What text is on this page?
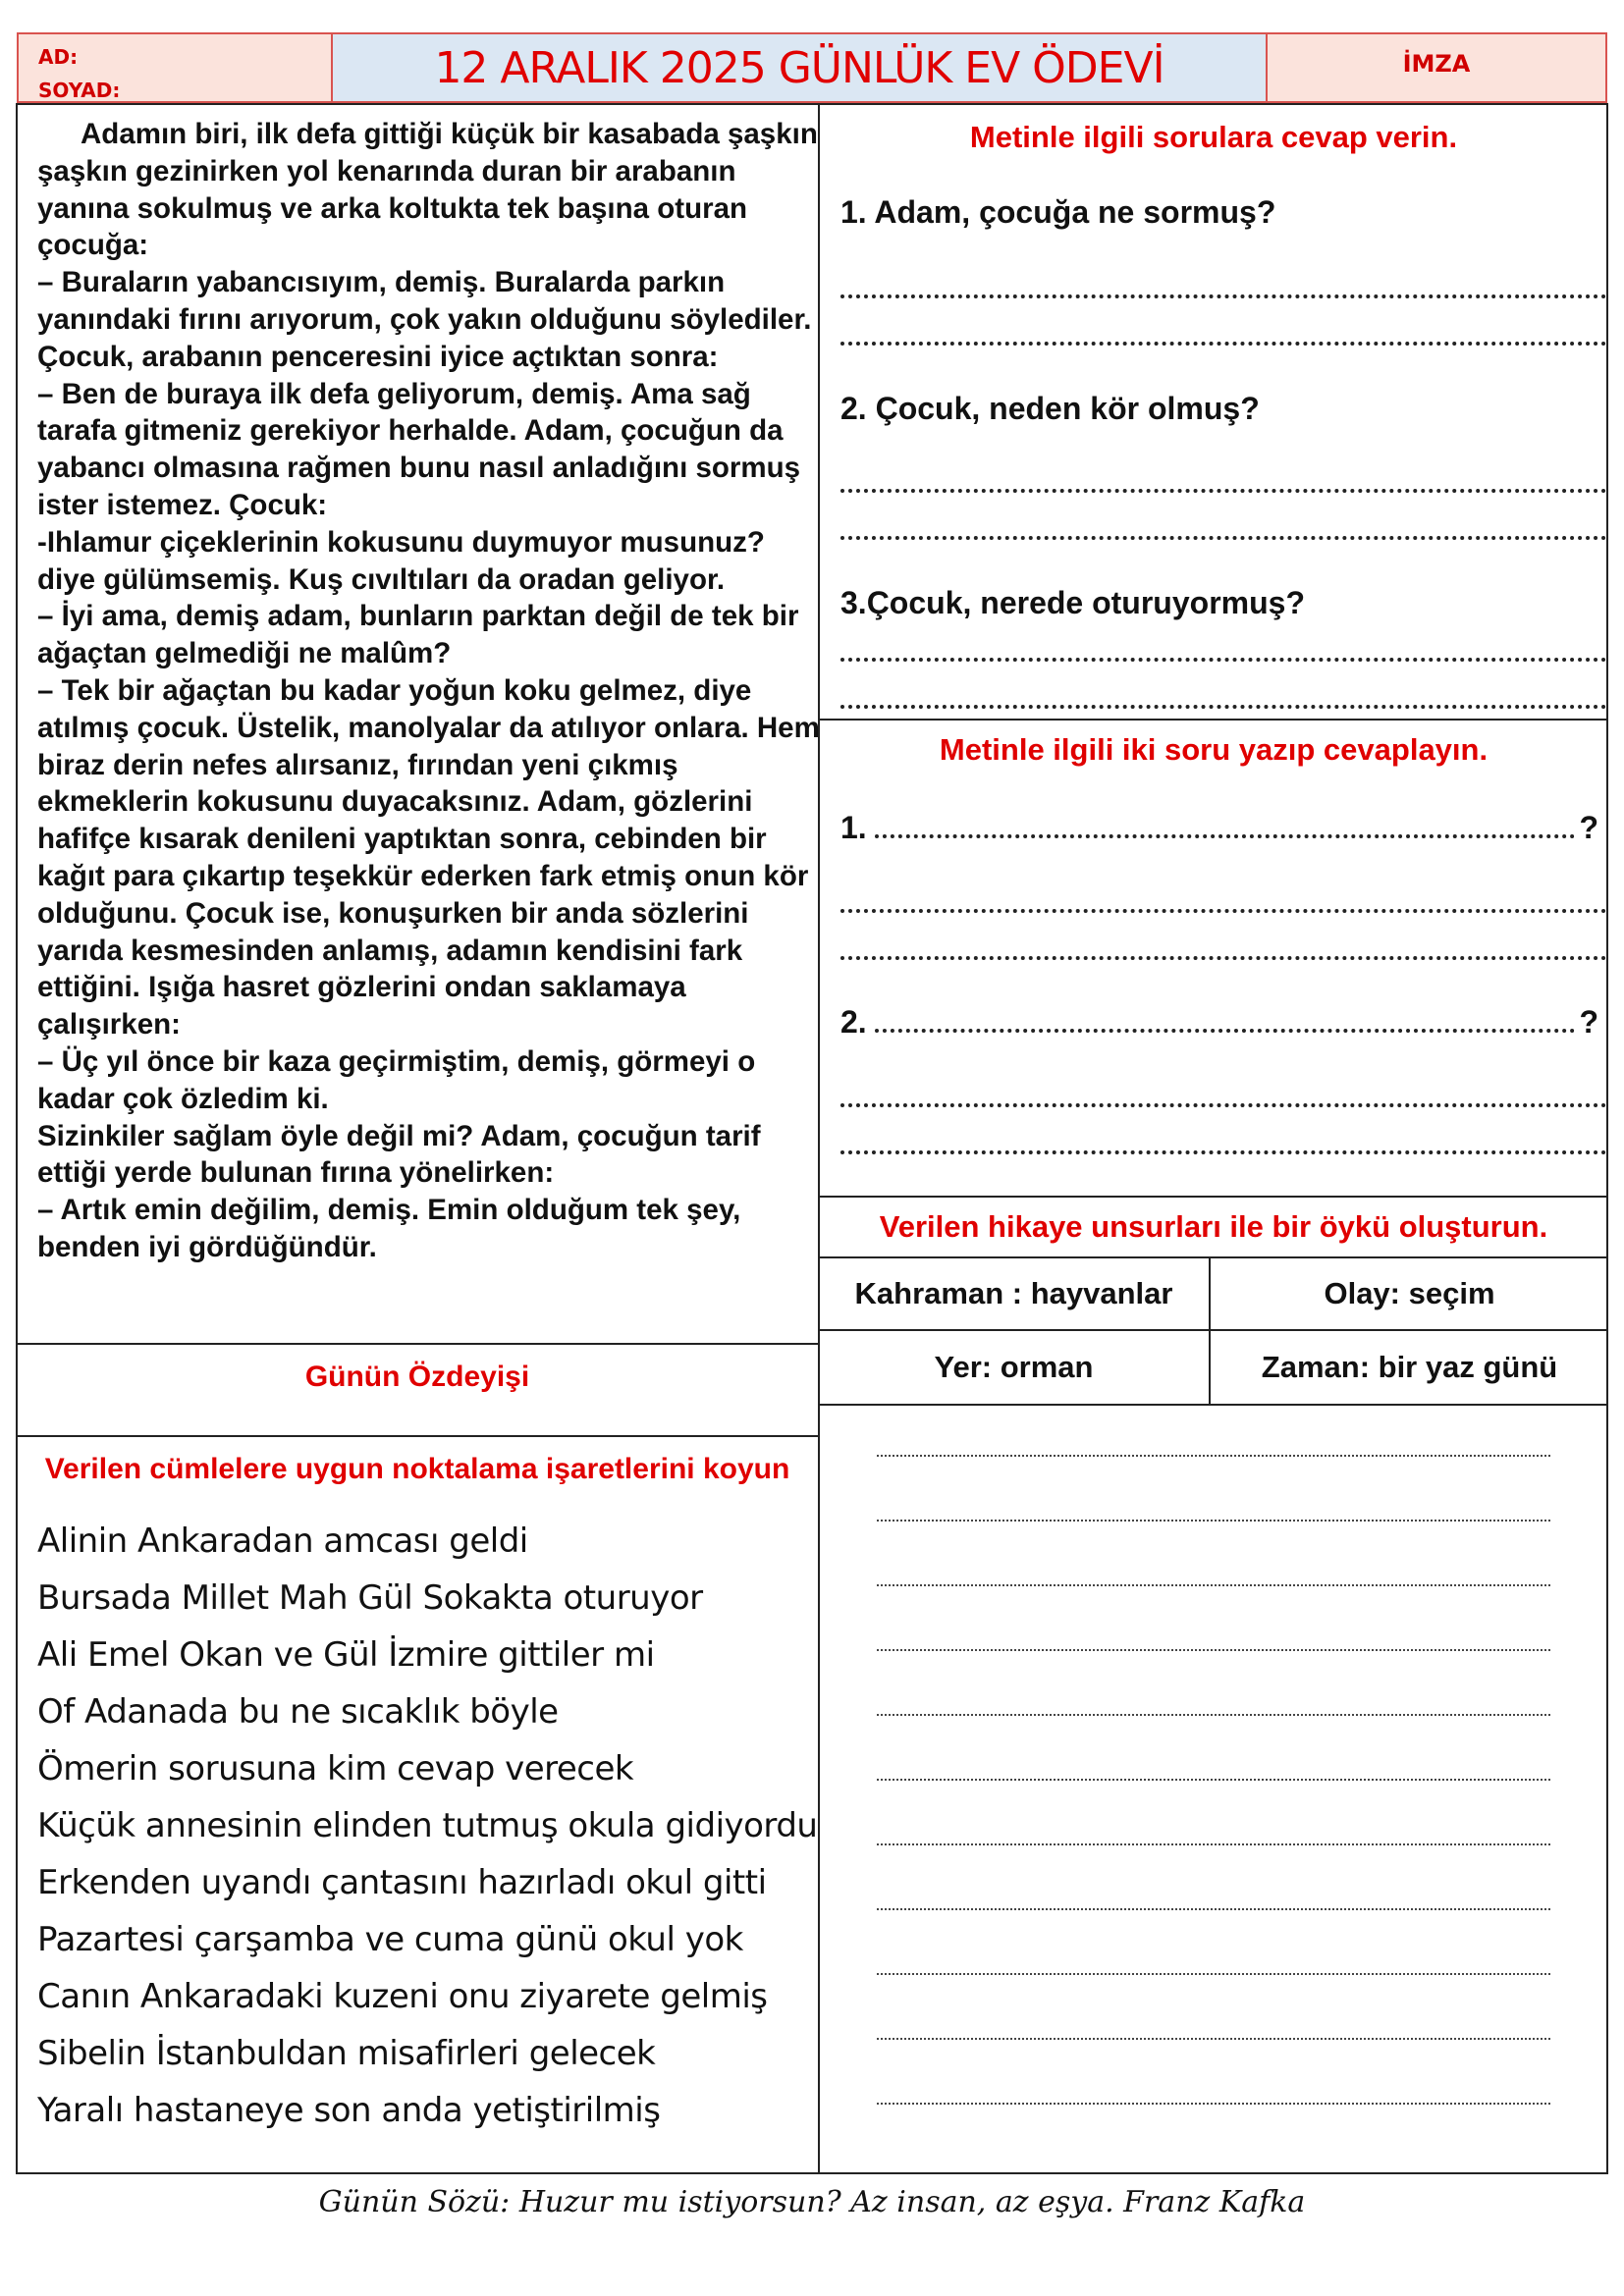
AD:
SOYAD:	12 ARALIK 2025 GÜNLÜK EV ÖDEVİ	İMZA

Adamın biri, ilk defa gittiği küçük bir kasabada şaşkın şaşkın gezinirken yol kenarında duran bir arabanın yanına sokulmuş ve arka koltukta tek başına oturan çocuğa:

– Buraların yabancısıyım, demiş. Buralarda parkın yanındaki fırını arıyorum, çok yakın olduğunu söylediler.

Çocuk, arabanın penceresini iyice açtıktan sonra:

– Ben de buraya ilk defa geliyorum, demiş. Ama sağ tarafa gitmeniz gerekiyor herhalde. Adam, çocuğun da yabancı olmasına rağmen bunu nasıl anladığını sormuş ister istemez. Çocuk:

-Ihlamur çiçeklerinin kokusunu duymuyor musunuz? diye gülümsemiş. Kuş cıvıltıları da oradan geliyor.

– İyi ama, demiş adam, bunların parktan değil de tek bir ağaçtan gelmediği ne malûm?

– Tek bir ağaçtan bu kadar yoğun koku gelmez, diye atılmış çocuk. Üstelik, manolyalar da atılıyor onlara. Hem biraz derin nefes alırsanız, fırından yeni çıkmış ekmeklerin kokusunu duyacaksınız. Adam, gözlerini hafifçe kısarak denileni yaptıktan sonra, cebinden bir kağıt para çıkartıp teşekkür ederken fark etmiş onun kör olduğunu. Çocuk ise, konuşurken bir anda sözlerini yarıda kesmesinden anlamış, adamın kendisini fark ettiğini. Işığa hasret gözlerini ondan saklamaya çalışırken:

– Üç yıl önce bir kaza geçirmiştim, demiş, görmeyi o kadar çok özledim ki.

Sizinkiler sağlam öyle değil mi? Adam, çocuğun tarif ettiği yerde bulunan fırına yönelirken:

– Artık emin değilim, demiş. Emin olduğum tek şey, benden iyi gördüğündür.

Metinle ilgili sorulara cevap verin.
1. Adam, çocuğa ne sormuş?
2. Çocuk, neden kör olmuş?
3.Çocuk, nerede oturuyormuş?
Metinle ilgili iki soru yazıp cevaplayın.
1.	?
2.	?
Verilen hikaye unsurları ile bir öykü oluşturun.
Kahraman : hayvanlar	Olay: seçim
Yer: orman	Zaman: bir yaz günü
Günün Özdeyişi
Verilen cümlelere uygun noktalama işaretlerini koyun
Alinin Ankaradan amcası geldi
Bursada Millet Mah Gül Sokakta oturuyor
Ali Emel Okan ve Gül İzmire gittiler mi
Of Adanada bu ne sıcaklık böyle
Ömerin sorusuna kim cevap verecek
Küçük annesinin elinden tutmuş okula gidiyordu
Erkenden uyandı çantasını hazırladı okul gitti
Pazartesi çarşamba ve cuma günü okul yok
Canın Ankaradaki kuzeni onu ziyarete gelmiş
Sibelin İstanbuldan misafirleri gelecek
Yaralı hastaneye son anda yetiştirilmiş
Günün Sözü: Huzur mu istiyorsun? Az insan, az eşya. Franz Kafka
